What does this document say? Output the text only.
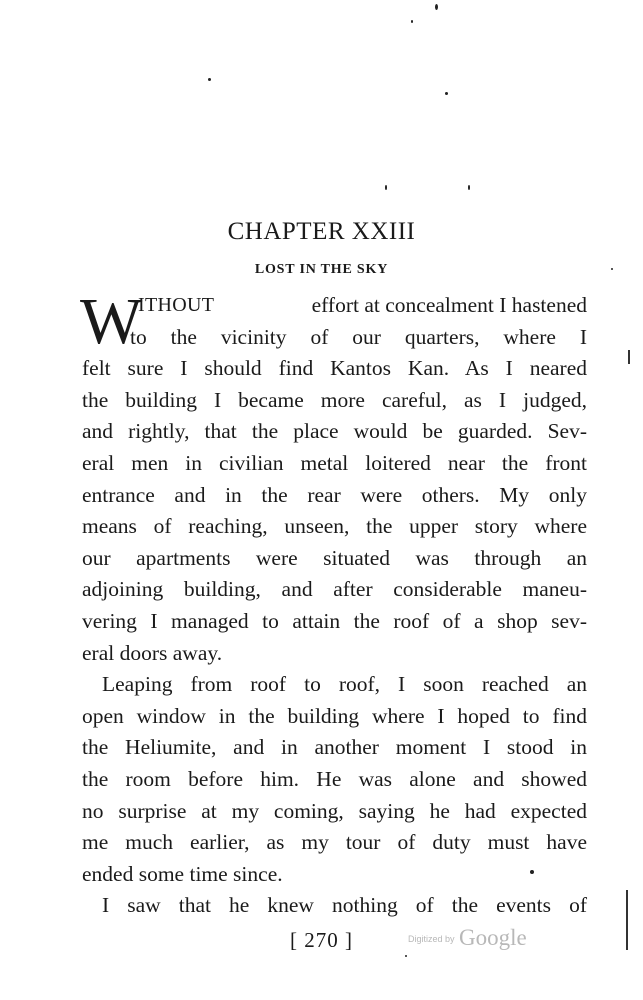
CHAPTER XXIII
LOST IN THE SKY
W
ITHOUT	effort at concealment I hastened
to the vicinity of our quarters, where I
felt sure I should find Kantos Kan. As I neared
the building I became more careful, as I judged,
and rightly, that the place would be guarded. Sev-
eral men in civilian metal loitered near the front
entrance and in the rear were others. My only
means of reaching, unseen, the upper story where
our apartments were situated was through an
adjoining building, and after considerable maneu-
vering I managed to attain the roof of a shop sev-
eral doors away.
Leaping from roof to roof, I soon reached an
open window in the building where I hoped to find
the Heliumite, and in another moment I stood in
the room before him. He was alone and showed
no surprise at my coming, saying he had expected
me much earlier, as my tour of duty must have
ended some time since.
I saw that he knew nothing of the events of
[ 270 ]	Digitized by Google
